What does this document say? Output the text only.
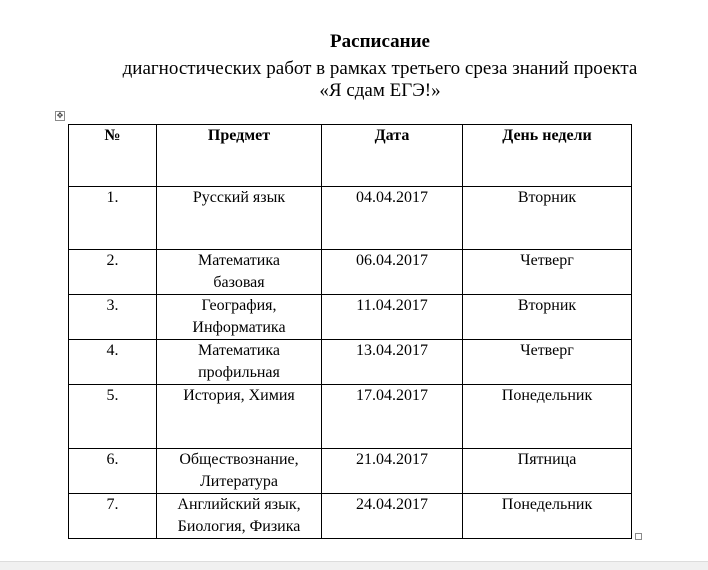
Расписание
диагностических работ в рамках третьего среза знаний проекта
«Я сдам ЕГЭ!»
✥
№	Предмет	Дата	День недели
1.	Русский язык	04.04.2017	Вторник
2.	Математика
базовая	06.04.2017	Четверг
3.	География,
Информатика	11.04.2017	Вторник
4.	Математика
профильная	13.04.2017	Четверг
5.	История, Химия	17.04.2017	Понедельник
6.	Обществознание,
Литература	21.04.2017	Пятница
7.	Английский язык,
Биология, Физика	24.04.2017	Понедельник
